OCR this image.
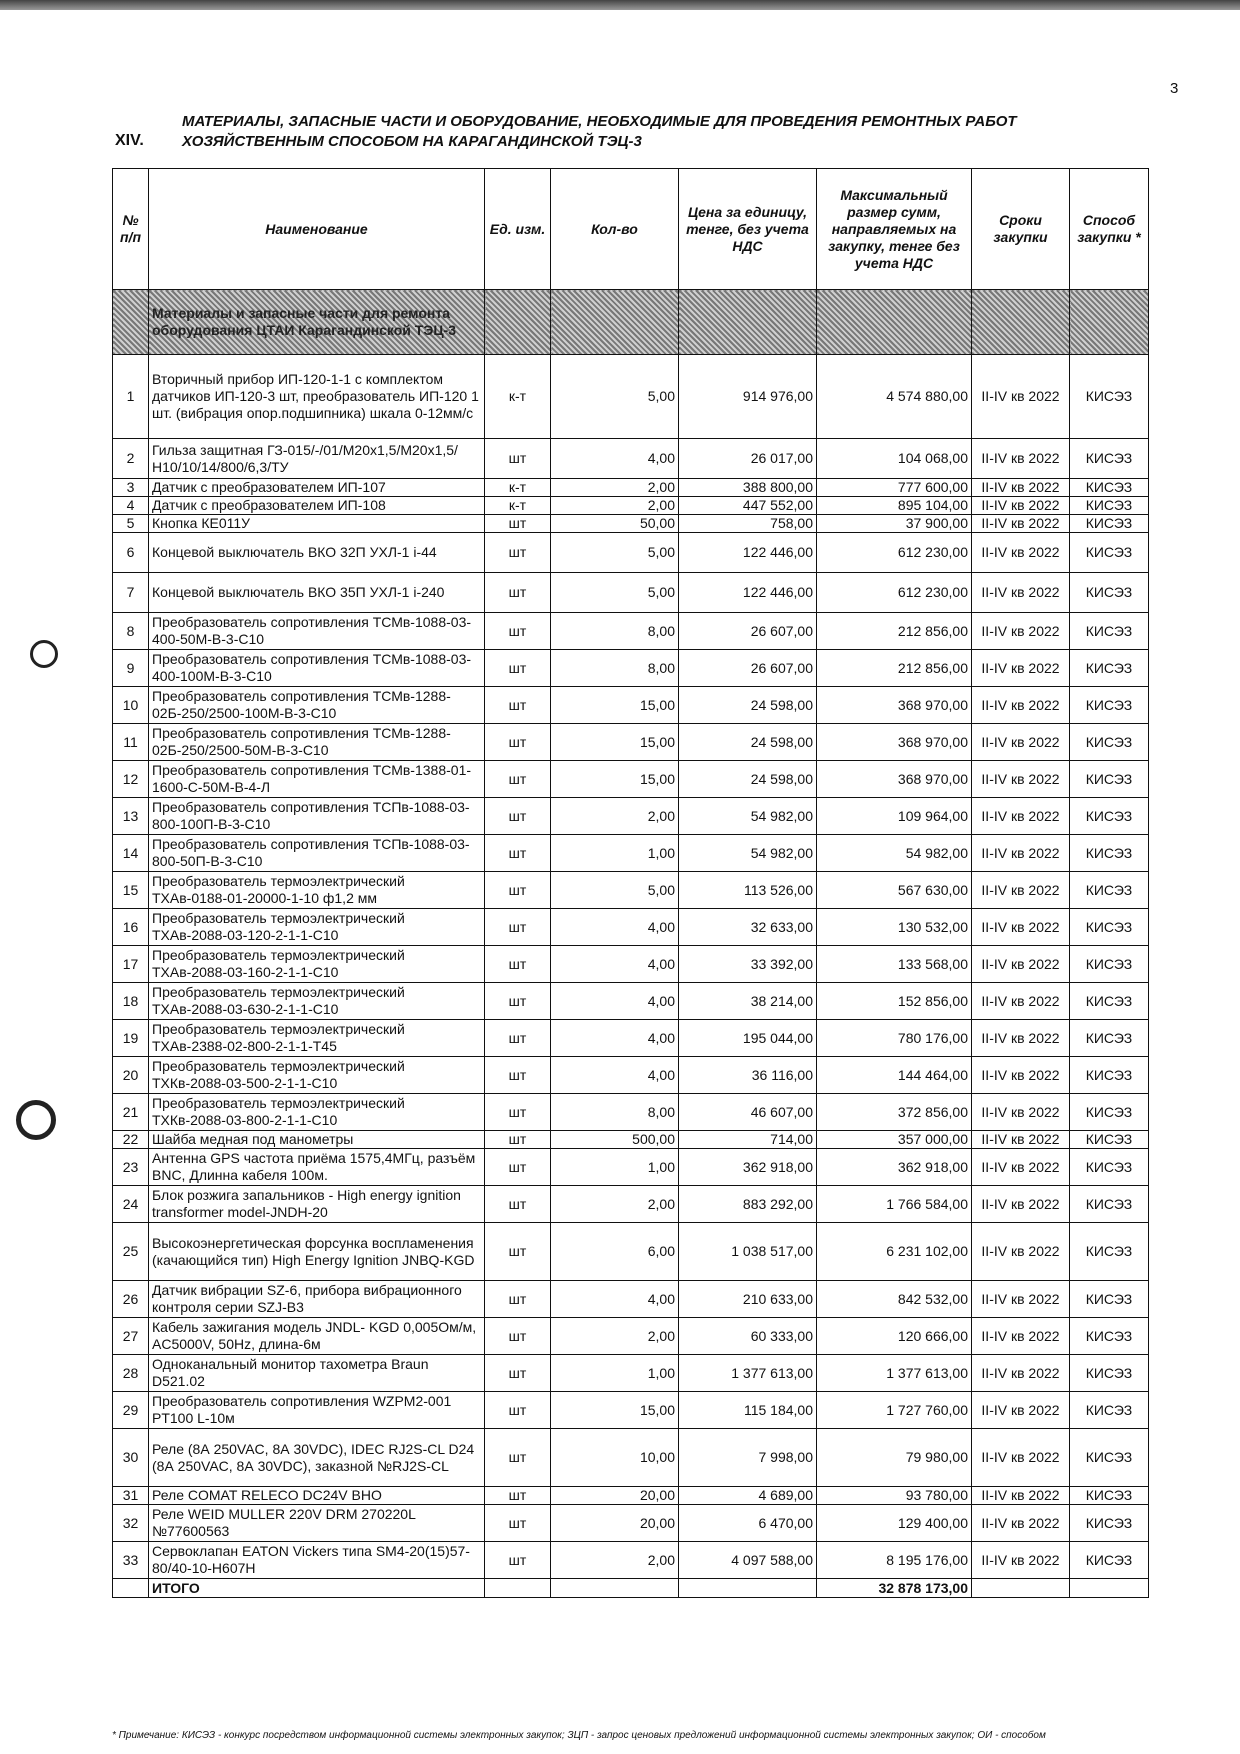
3
XIV.
МАТЕРИАЛЫ, ЗАПАСНЫЕ ЧАСТИ И ОБОРУДОВАНИЕ, НЕОБХОДИМЫЕ ДЛЯ ПРОВЕДЕНИЯ РЕМОНТНЫХ РАБОТ
ХОЗЯЙСТВЕННЫМ СПОСОБОМ НА КАРАГАНДИНСКОЙ ТЭЦ-3
№ п/п	Наименование	Ед. изм.	Кол-во	Цена за единицу, тенге, без учета НДС	Максимальный размер сумм, направляемых на закупку, тенге без учета НДС	Сроки закупки	Способ закупки *
	Материалы и запасные части для ремонта оборудования ЦТАИ Карагандинской ТЭЦ-3						
1	Вторичный прибор ИП-120-1-1 с комплектом датчиков ИП-120-3 шт, преобразователь ИП-120 1 шт. (вибрация опор.подшипника) шкала 0-12мм/с	к-т	5,00	914 976,00	4 574 880,00	II-IV кв 2022	КИСЭЗ
2	Гильза защитная ГЗ-015/-/01/М20х1,5/М20х1,5/Н10/10/14/800/6,3/ТУ	шт	4,00	26 017,00	104 068,00	II-IV кв 2022	КИСЭЗ
3	Датчик с преобразователем ИП-107	к-т	2,00	388 800,00	777 600,00	II-IV кв 2022	КИСЭЗ
4	Датчик с преобразователем ИП-108	к-т	2,00	447 552,00	895 104,00	II-IV кв 2022	КИСЭЗ
5	Кнопка КЕ011У	шт	50,00	758,00	37 900,00	II-IV кв 2022	КИСЭЗ
6	Концевой выключатель ВКО 32П УХЛ-1 i-44	шт	5,00	122 446,00	612 230,00	II-IV кв 2022	КИСЭЗ
7	Концевой выключатель ВКО 35П УХЛ-1 i-240	шт	5,00	122 446,00	612 230,00	II-IV кв 2022	КИСЭЗ
8	Преобразователь сопротивления ТСМв-1088-03-400-50М-В-3-С10	шт	8,00	26 607,00	212 856,00	II-IV кв 2022	КИСЭЗ
9	Преобразователь сопротивления ТСМв-1088-03-400-100М-В-3-С10	шт	8,00	26 607,00	212 856,00	II-IV кв 2022	КИСЭЗ
10	Преобразователь сопротивления ТСМв-1288-02Б-250/2500-100М-В-3-С10	шт	15,00	24 598,00	368 970,00	II-IV кв 2022	КИСЭЗ
11	Преобразователь сопротивления ТСМв-1288-02Б-250/2500-50М-В-3-С10	шт	15,00	24 598,00	368 970,00	II-IV кв 2022	КИСЭЗ
12	Преобразователь сопротивления ТСМв-1388-01-1600-С-50М-В-4-Л	шт	15,00	24 598,00	368 970,00	II-IV кв 2022	КИСЭЗ
13	Преобразователь сопротивления ТСПв-1088-03-800-100П-В-3-С10	шт	2,00	54 982,00	109 964,00	II-IV кв 2022	КИСЭЗ
14	Преобразователь сопротивления ТСПв-1088-03-800-50П-В-3-С10	шт	1,00	54 982,00	54 982,00	II-IV кв 2022	КИСЭЗ
15	Преобразователь термоэлектрический ТХАв-0188-01-20000-1-10 ф1,2 мм	шт	5,00	113 526,00	567 630,00	II-IV кв 2022	КИСЭЗ
16	Преобразователь термоэлектрический ТХАв-2088-03-120-2-1-1-С10	шт	4,00	32 633,00	130 532,00	II-IV кв 2022	КИСЭЗ
17	Преобразователь термоэлектрический ТХАв-2088-03-160-2-1-1-С10	шт	4,00	33 392,00	133 568,00	II-IV кв 2022	КИСЭЗ
18	Преобразователь термоэлектрический ТХАв-2088-03-630-2-1-1-С10	шт	4,00	38 214,00	152 856,00	II-IV кв 2022	КИСЭЗ
19	Преобразователь термоэлектрический ТХАв-2388-02-800-2-1-1-Т45	шт	4,00	195 044,00	780 176,00	II-IV кв 2022	КИСЭЗ
20	Преобразователь термоэлектрический ТХКв-2088-03-500-2-1-1-С10	шт	4,00	36 116,00	144 464,00	II-IV кв 2022	КИСЭЗ
21	Преобразователь термоэлектрический ТХКв-2088-03-800-2-1-1-С10	шт	8,00	46 607,00	372 856,00	II-IV кв 2022	КИСЭЗ
22	Шайба медная под манометры	шт	500,00	714,00	357 000,00	II-IV кв 2022	КИСЭЗ
23	Антенна GPS частота приёма 1575,4МГц, разъём BNC, Длинна кабеля 100м.	шт	1,00	362 918,00	362 918,00	II-IV кв 2022	КИСЭЗ
24	Блок розжига запальников - High energy ignition transformer model-JNDH-20	шт	2,00	883 292,00	1 766 584,00	II-IV кв 2022	КИСЭЗ
25	Высокоэнергетическая форсунка воспламенения (качающийся тип) High Energy Ignition JNBQ-KGD	шт	6,00	1 038 517,00	6 231 102,00	II-IV кв 2022	КИСЭЗ
26	Датчик вибрации SZ-6, прибора вибрационного контроля серии SZJ-B3	шт	4,00	210 633,00	842 532,00	II-IV кв 2022	КИСЭЗ
27	Кабель зажигания модель JNDL- KGD 0,005Ом/м, AC5000V, 50Hz, длина-6м	шт	2,00	60 333,00	120 666,00	II-IV кв 2022	КИСЭЗ
28	Одноканальный монитор тахометра Braun D521.02	шт	1,00	1 377 613,00	1 377 613,00	II-IV кв 2022	КИСЭЗ
29	Преобразователь сопротивления WZPM2-001 PT100 L-10м	шт	15,00	115 184,00	1 727 760,00	II-IV кв 2022	КИСЭЗ
30	Реле (8А 250VAC, 8А 30VDC), IDEC RJ2S-CL D24 (8А 250VAC, 8А 30VDC), заказной №RJ2S-CL	шт	10,00	7 998,00	79 980,00	II-IV кв 2022	КИСЭЗ
31	Реле COMAT RELECO DC24V BHO	шт	20,00	4 689,00	93 780,00	II-IV кв 2022	КИСЭЗ
32	Реле WEID MULLER 220V DRM 270220L №77600563	шт	20,00	6 470,00	129 400,00	II-IV кв 2022	КИСЭЗ
33	Сервоклапан EATON Vickers типа SM4-20(15)57-80/40-10-H607H	шт	2,00	4 097 588,00	8 195 176,00	II-IV кв 2022	КИСЭЗ
	ИТОГО				32 878 173,00		
* Примечание: КИСЭЗ - конкурс посредством информационной системы электронных закупок; ЗЦП - запрос ценовых предложений информационной системы электронных закупок; ОИ - способом
